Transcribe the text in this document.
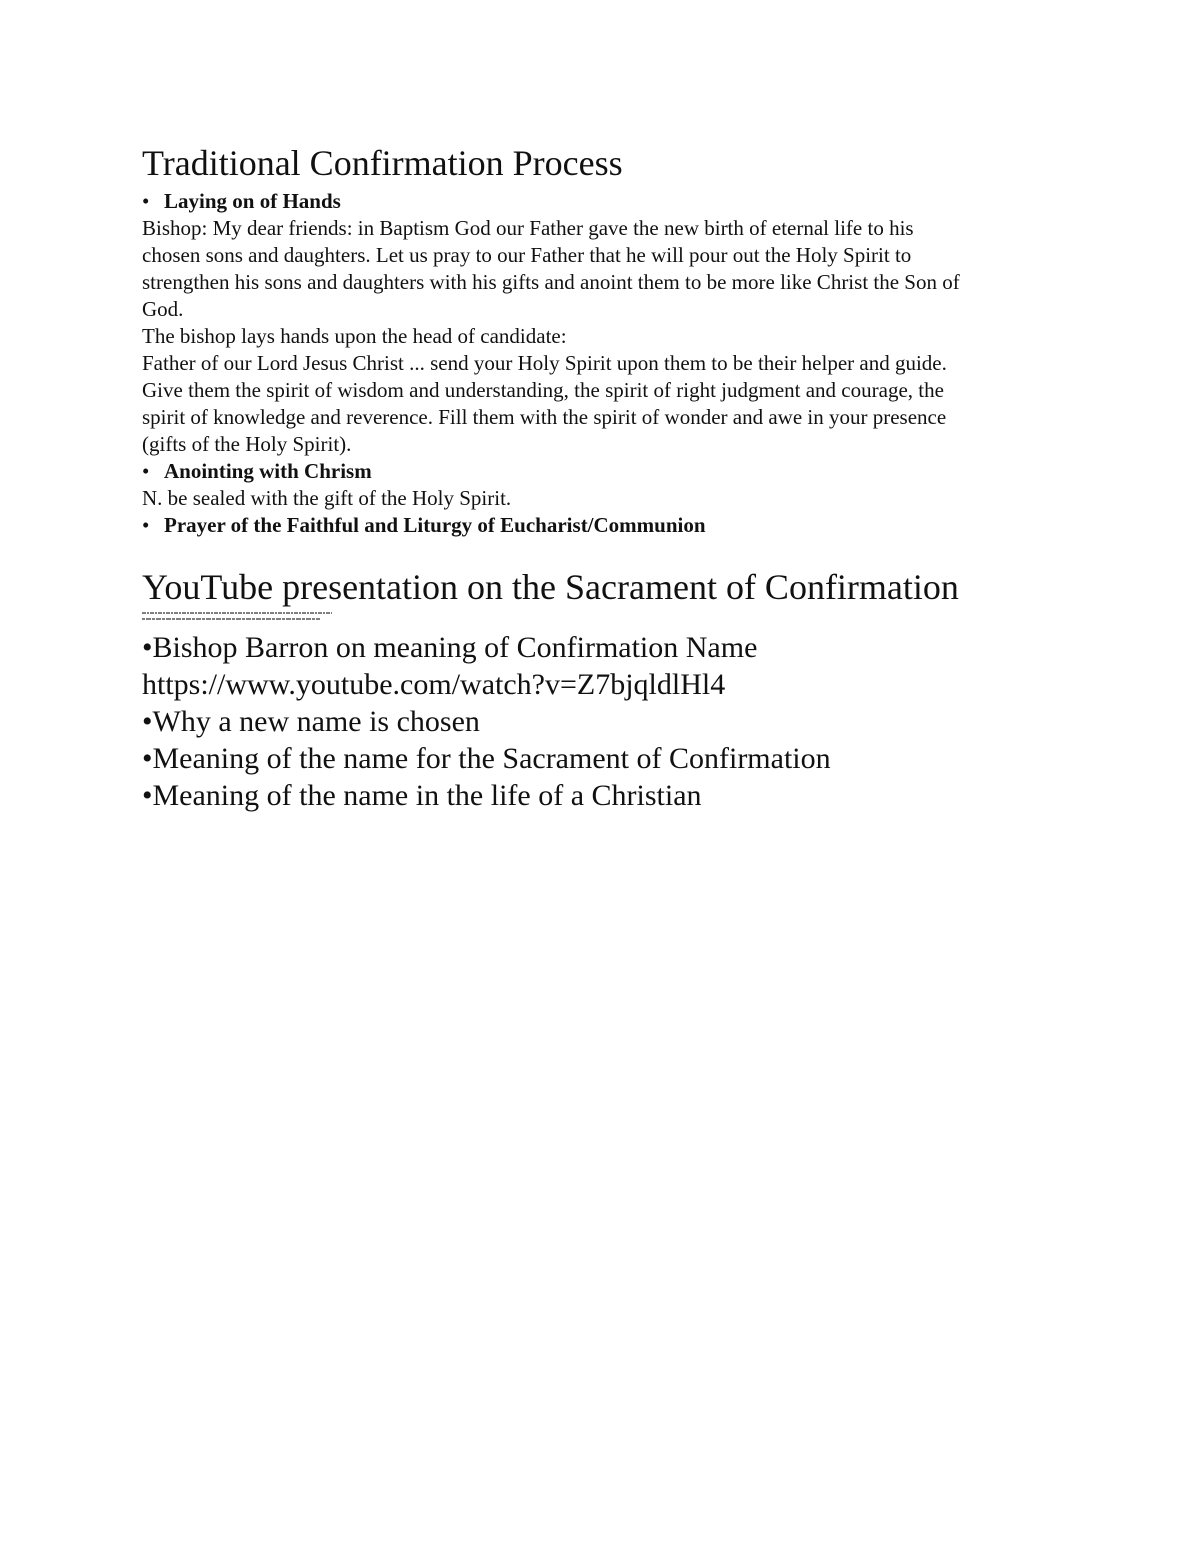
Traditional Confirmation Process
• Laying on of Hands
Bishop: My dear friends: in Baptism God our Father gave the new birth of eternal life to his chosen sons and daughters. Let us pray to our Father that he will pour out the Holy Spirit to strengthen his sons and daughters with his gifts and anoint them to be more like Christ the Son of God.
The bishop lays hands upon the head of candidate:
Father of our Lord Jesus Christ ... send your Holy Spirit upon them to be their helper and guide.
Give them the spirit of wisdom and understanding, the spirit of right judgment and courage, the spirit of knowledge and reverence. Fill them with the spirit of wonder and awe in your presence (gifts of the Holy Spirit).
• Anointing with Chrism
N. be sealed with the gift of the Holy Spirit.
• Prayer of the Faithful and Liturgy of Eucharist/Communion
YouTube presentation on the Sacrament of Confirmation
•Bishop Barron on meaning of Confirmation Name
https://www.youtube.com/watch?v=Z7bjqldlHl4
•Why a new name is chosen
•Meaning of the name for the Sacrament of Confirmation
•Meaning of the name in the life of a Christian
